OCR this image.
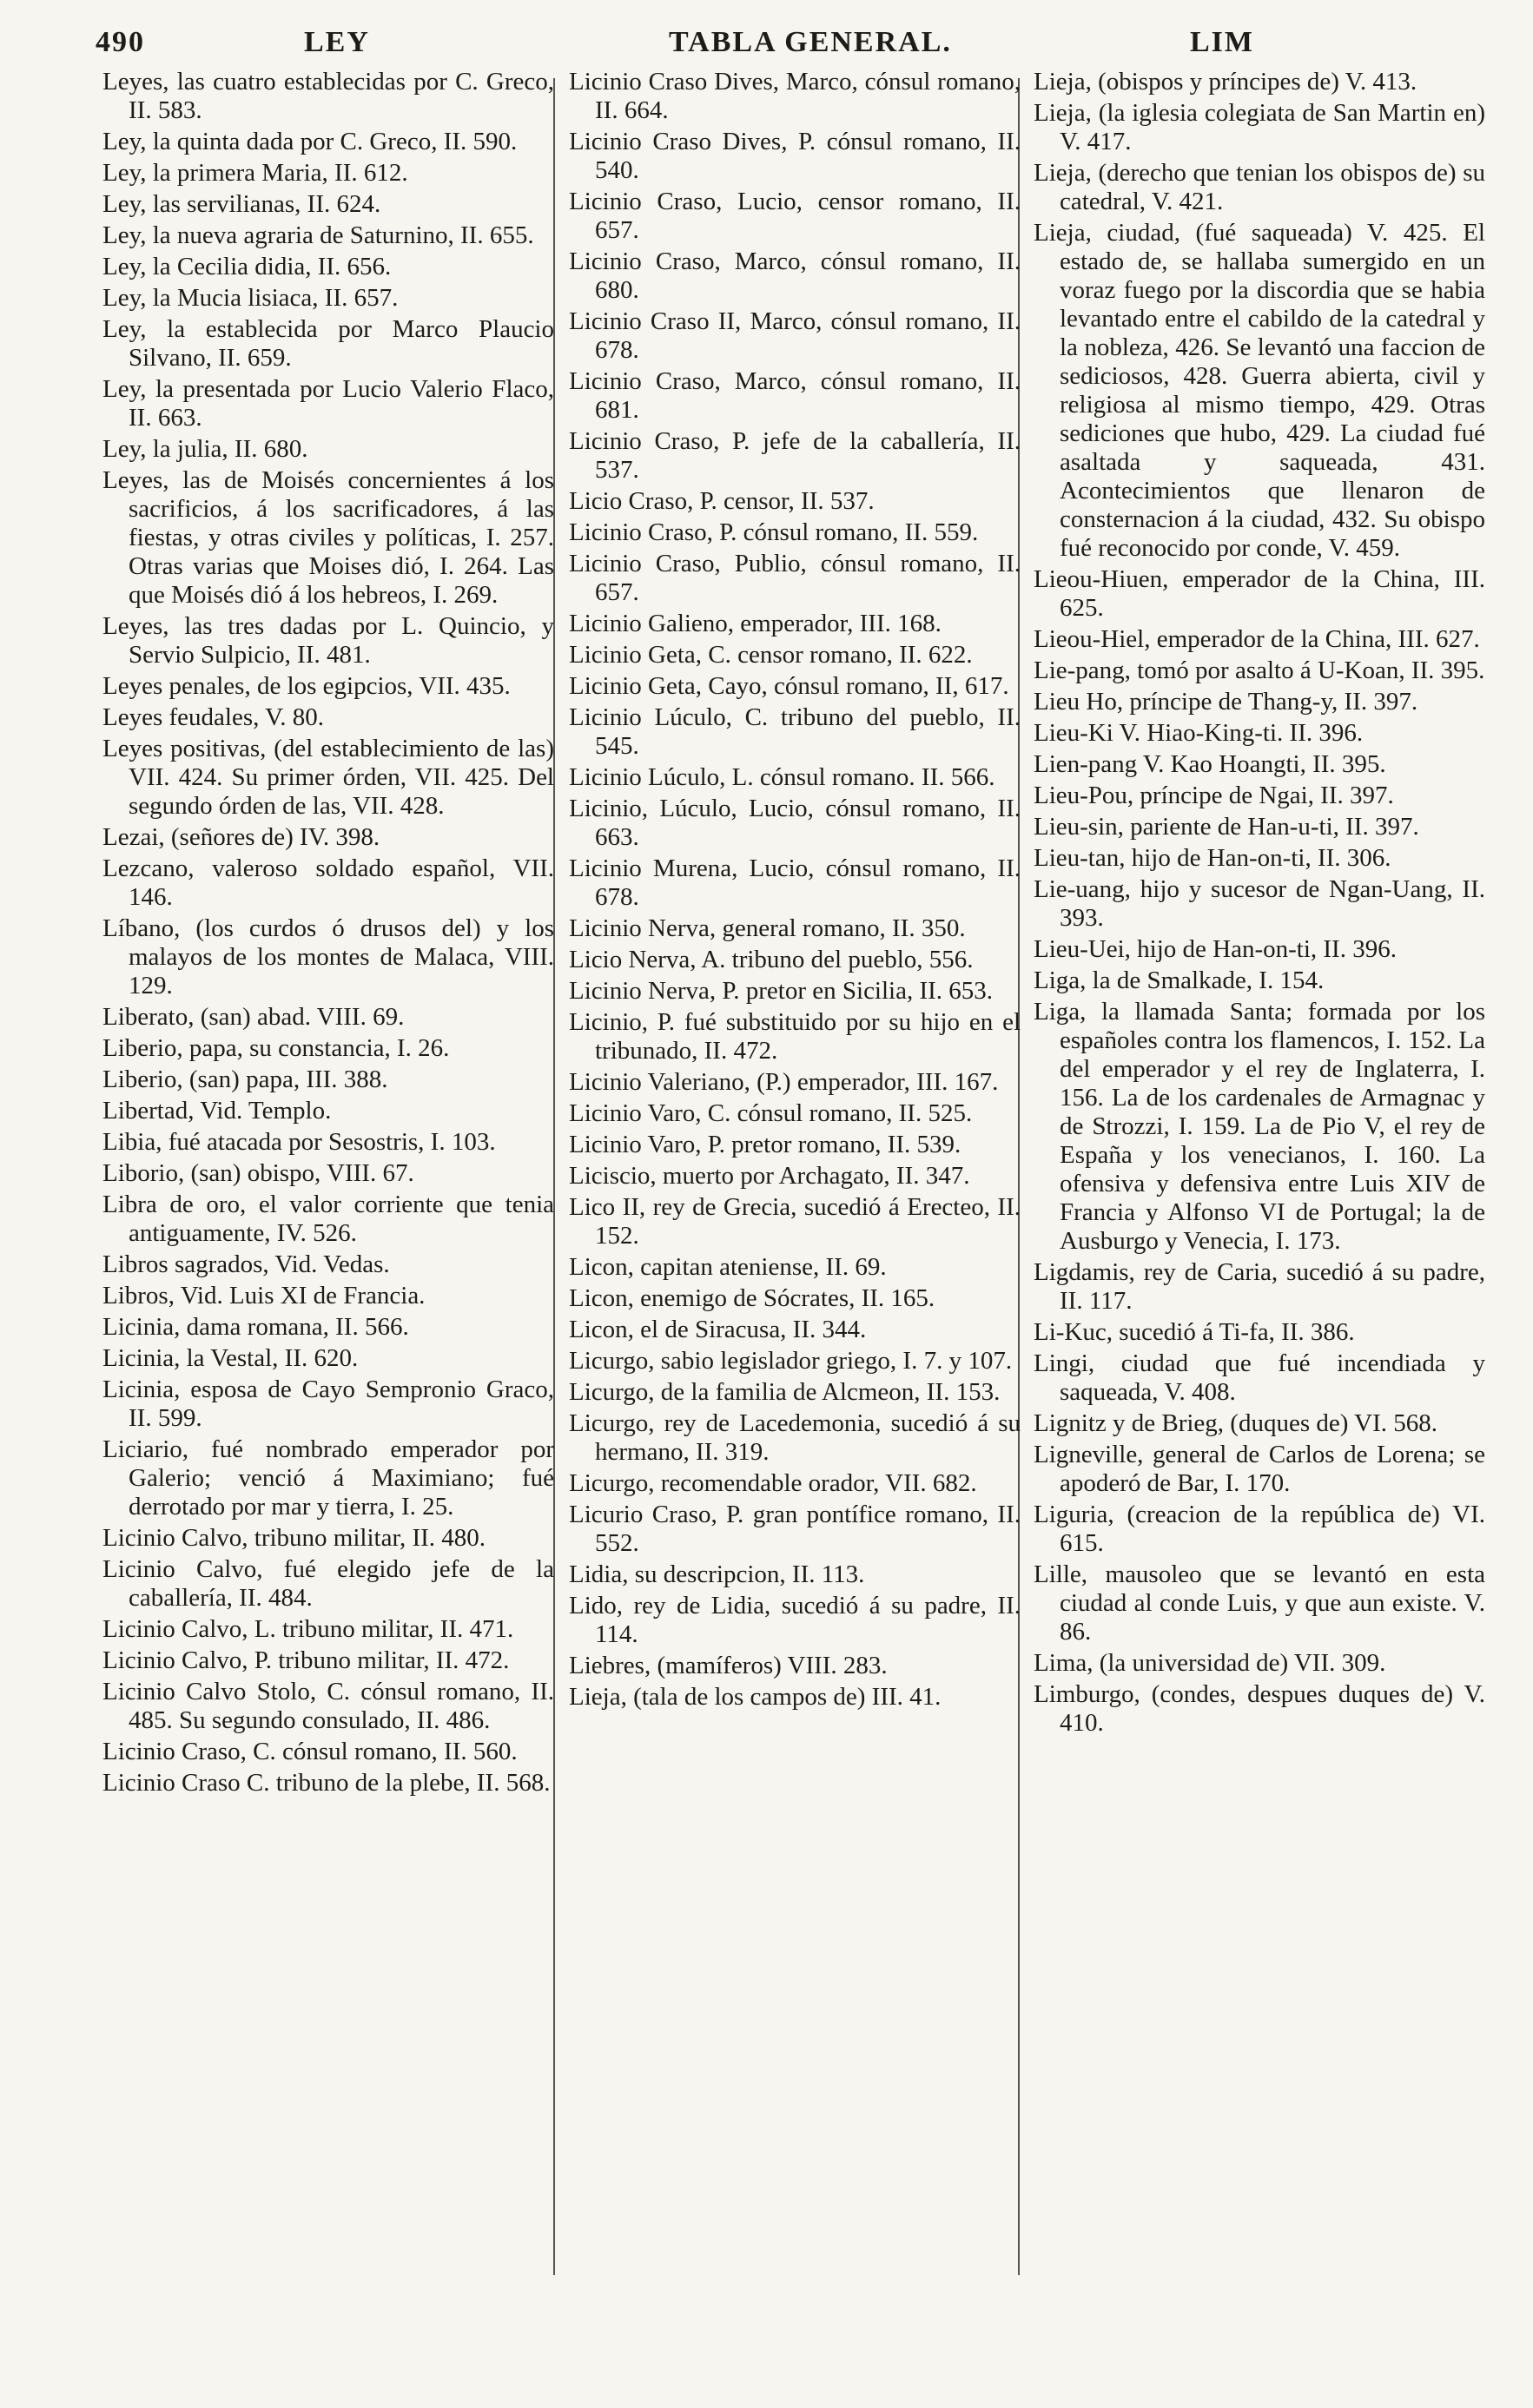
490	LEY	TABLA GENERAL.	LIM

Leyes, las cuatro establecidas por C. Greco, II. 583.

Ley, la quinta dada por C. Greco, II. 590.

Ley, la primera Maria, II. 612.

Ley, las servilianas, II. 624.

Ley, la nueva agraria de Saturnino, II. 655.

Ley, la Cecilia didia, II. 656.

Ley, la Mucia lisiaca, II. 657.

Ley, la establecida por Marco Plaucio Silvano, II. 659.

Ley, la presentada por Lucio Valerio Flaco, II. 663.

Ley, la julia, II. 680.

Leyes, las de Moisés concernientes á los sacrificios, á los sacrificadores, á las fiestas, y otras civiles y políticas, I. 257. Otras varias que Moises dió, I. 264. Las que Moisés dió á los hebreos, I. 269.

Leyes, las tres dadas por L. Quincio, y Servio Sulpicio, II. 481.

Leyes penales, de los egipcios, VII. 435.

Leyes feudales, V. 80.

Leyes positivas, (del establecimiento de las) VII. 424. Su primer órden, VII. 425. Del segundo órden de las, VII. 428.

Lezai, (señores de) IV. 398.

Lezcano, valeroso soldado español, VII. 146.

Líbano, (los curdos ó drusos del) y los malayos de los montes de Malaca, VIII. 129.

Liberato, (san) abad. VIII. 69.

Liberio, papa, su constancia, I. 26.

Liberio, (san) papa, III. 388.

Libertad, Vid. Templo.

Libia, fué atacada por Sesostris, I. 103.

Liborio, (san) obispo, VIII. 67.

Libra de oro, el valor corriente que tenia antiguamente, IV. 526.

Libros sagrados, Vid. Vedas.

Libros, Vid. Luis XI de Francia.

Licinia, dama romana, II. 566.

Licinia, la Vestal, II. 620.

Licinia, esposa de Cayo Sempronio Graco, II. 599.

Liciario, fué nombrado emperador por Galerio; venció á Maximiano; fué derrotado por mar y tierra, I. 25.

Licinio Calvo, tribuno militar, II. 480.

Licinio Calvo, fué elegido jefe de la caballería, II. 484.

Licinio Calvo, L. tribuno militar, II. 471.

Licinio Calvo, P. tribuno militar, II. 472.

Licinio Calvo Stolo, C. cónsul romano, II. 485. Su segundo consulado, II. 486.

Licinio Craso, C. cónsul romano, II. 560.

Licinio Craso C. tribuno de la plebe, II. 568.

Licinio Craso Dives, Marco, cónsul romano, II. 664.

Licinio Craso Dives, P. cónsul romano, II. 540.

Licinio Craso, Lucio, censor romano, II. 657.

Licinio Craso, Marco, cónsul romano, II. 680.

Licinio Craso II, Marco, cónsul romano, II. 678.

Licinio Craso, Marco, cónsul romano, II. 681.

Licinio Craso, P. jefe de la caballería, II. 537.

Licio Craso, P. censor, II. 537.

Licinio Craso, P. cónsul romano, II. 559.

Licinio Craso, Publio, cónsul romano, II. 657.

Licinio Galieno, emperador, III. 168.

Licinio Geta, C. censor romano, II. 622.

Licinio Geta, Cayo, cónsul romano, II, 617.

Licinio Lúculo, C. tribuno del pueblo, II. 545.

Licinio Lúculo, L. cónsul romano. II. 566.

Licinio, Lúculo, Lucio, cónsul romano, II. 663.

Licinio Murena, Lucio, cónsul romano, II. 678.

Licinio Nerva, general romano, II. 350.

Licio Nerva, A. tribuno del pueblo, 556.

Licinio Nerva, P. pretor en Sicilia, II. 653.

Licinio, P. fué substituido por su hijo en el tribunado, II. 472.

Licinio Valeriano, (P.) emperador, III. 167.

Licinio Varo, C. cónsul romano, II. 525.

Licinio Varo, P. pretor romano, II. 539.

Liciscio, muerto por Archagato, II. 347.

Lico II, rey de Grecia, sucedió á Erecteo, II. 152.

Licon, capitan ateniense, II. 69.

Licon, enemigo de Sócrates, II. 165.

Licon, el de Siracusa, II. 344.

Licurgo, sabio legislador griego, I. 7. y 107.

Licurgo, de la familia de Alcmeon, II. 153.

Licurgo, rey de Lacedemonia, sucedió á su hermano, II. 319.

Licurgo, recomendable orador, VII. 682.

Licurio Craso, P. gran pontífice romano, II. 552.

Lidia, su descripcion, II. 113.

Lido, rey de Lidia, sucedió á su padre, II. 114.

Liebres, (mamíferos) VIII. 283.

Lieja, (tala de los campos de) III. 41.

Lieja, (obispos y príncipes de) V. 413.

Lieja, (la iglesia colegiata de San Martin en) V. 417.

Lieja, (derecho que tenian los obispos de) su catedral, V. 421.

Lieja, ciudad, (fué saqueada) V. 425. El estado de, se hallaba sumergido en un voraz fuego por la discordia que se habia levantado entre el cabildo de la catedral y la nobleza, 426. Se levantó una faccion de sediciosos, 428. Guerra abierta, civil y religiosa al mismo tiempo, 429. Otras sediciones que hubo, 429. La ciudad fué asaltada y saqueada, 431. Acontecimientos que llenaron de consternacion á la ciudad, 432. Su obispo fué reconocido por conde, V. 459.

Lieou-Hiuen, emperador de la China, III. 625.

Lieou-Hiel, emperador de la China, III. 627.

Lie-pang, tomó por asalto á U-Koan, II. 395.

Lieu Ho, príncipe de Thang-y, II. 397.

Lieu-Ki V. Hiao-King-ti. II. 396.

Lien-pang V. Kao Hoangti, II. 395.

Lieu-Pou, príncipe de Ngai, II. 397.

Lieu-sin, pariente de Han-u-ti, II. 397.

Lieu-tan, hijo de Han-on-ti, II. 306.

Lie-uang, hijo y sucesor de Ngan-Uang, II. 393.

Lieu-Uei, hijo de Han-on-ti, II. 396.

Liga, la de Smalkade, I. 154.

Liga, la llamada Santa; formada por los españoles contra los flamencos, I. 152. La del emperador y el rey de Inglaterra, I. 156. La de los cardenales de Armagnac y de Strozzi, I. 159. La de Pio V, el rey de España y los venecianos, I. 160. La ofensiva y defensiva entre Luis XIV de Francia y Alfonso VI de Portugal; la de Ausburgo y Venecia, I. 173.

Ligdamis, rey de Caria, sucedió á su padre, II. 117.

Li-Kuc, sucedió á Ti-fa, II. 386.

Lingi, ciudad que fué incendiada y saqueada, V. 408.

Lignitz y de Brieg, (duques de) VI. 568.

Ligneville, general de Carlos de Lorena; se apoderó de Bar, I. 170.

Liguria, (creacion de la república de) VI. 615.

Lille, mausoleo que se levantó en esta ciudad al conde Luis, y que aun existe. V. 86.

Lima, (la universidad de) VII. 309.

Limburgo, (condes, despues duques de) V. 410.
